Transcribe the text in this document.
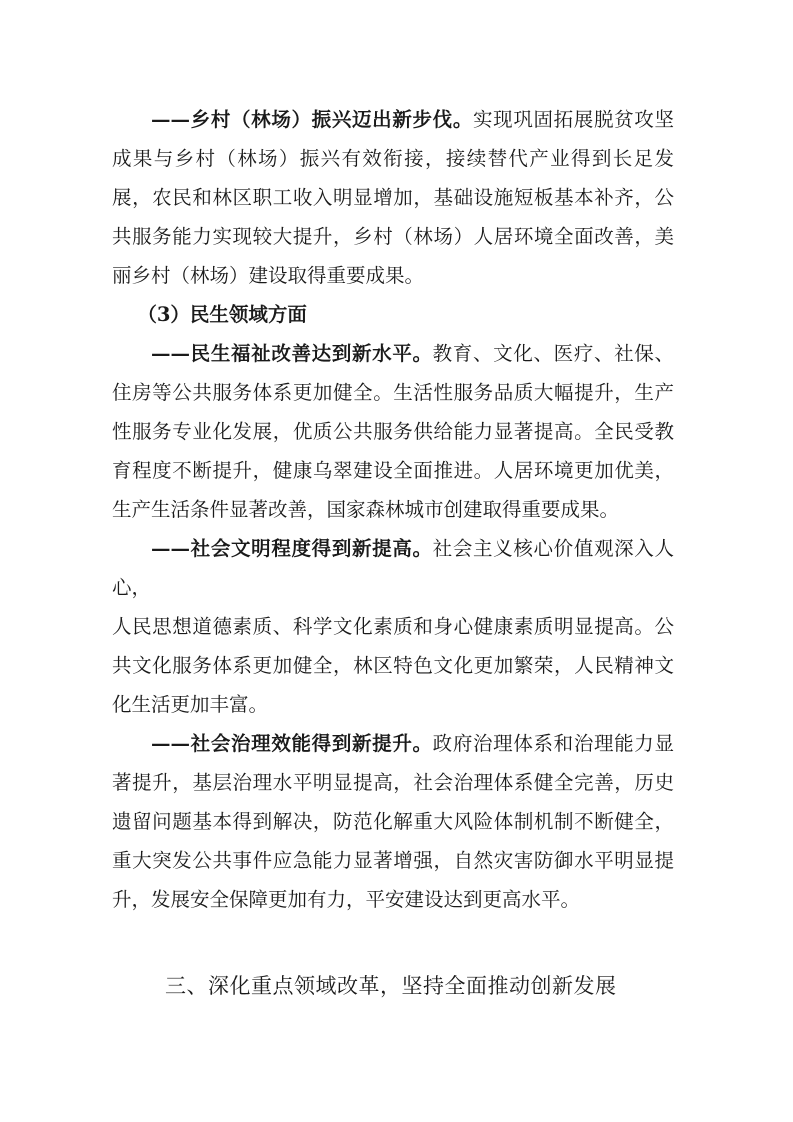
——乡村（林场）振兴迈出新步伐。实现巩固拓展脱贫攻坚成果与乡村（林场）振兴有效衔接，接续替代产业得到长足发展，农民和林区职工收入明显增加，基础设施短板基本补齐，公共服务能力实现较大提升，乡村（林场）人居环境全面改善，美丽乡村（林场）建设取得重要成果。

（3）民生领域方面

——民生福祉改善达到新水平。教育、文化、医疗、社保、住房等公共服务体系更加健全。生活性服务品质大幅提升，生产性服务专业化发展，优质公共服务供给能力显著提高。全民受教育程度不断提升，健康乌翠建设全面推进。人居环境更加优美，生产生活条件显著改善，国家森林城市创建取得重要成果。

——社会文明程度得到新提高。社会主义核心价值观深入人心，

人民思想道德素质、科学文化素质和身心健康素质明显提高。公共文化服务体系更加健全，林区特色文化更加繁荣，人民精神文化生活更加丰富。

——社会治理效能得到新提升。政府治理体系和治理能力显著提升，基层治理水平明显提高，社会治理体系健全完善，历史遗留问题基本得到解决，防范化解重大风险体制机制不断健全，重大突发公共事件应急能力显著增强，自然灾害防御水平明显提升，发展安全保障更加有力，平安建设达到更高水平。

三、深化重点领域改革，坚持全面推动创新发展
